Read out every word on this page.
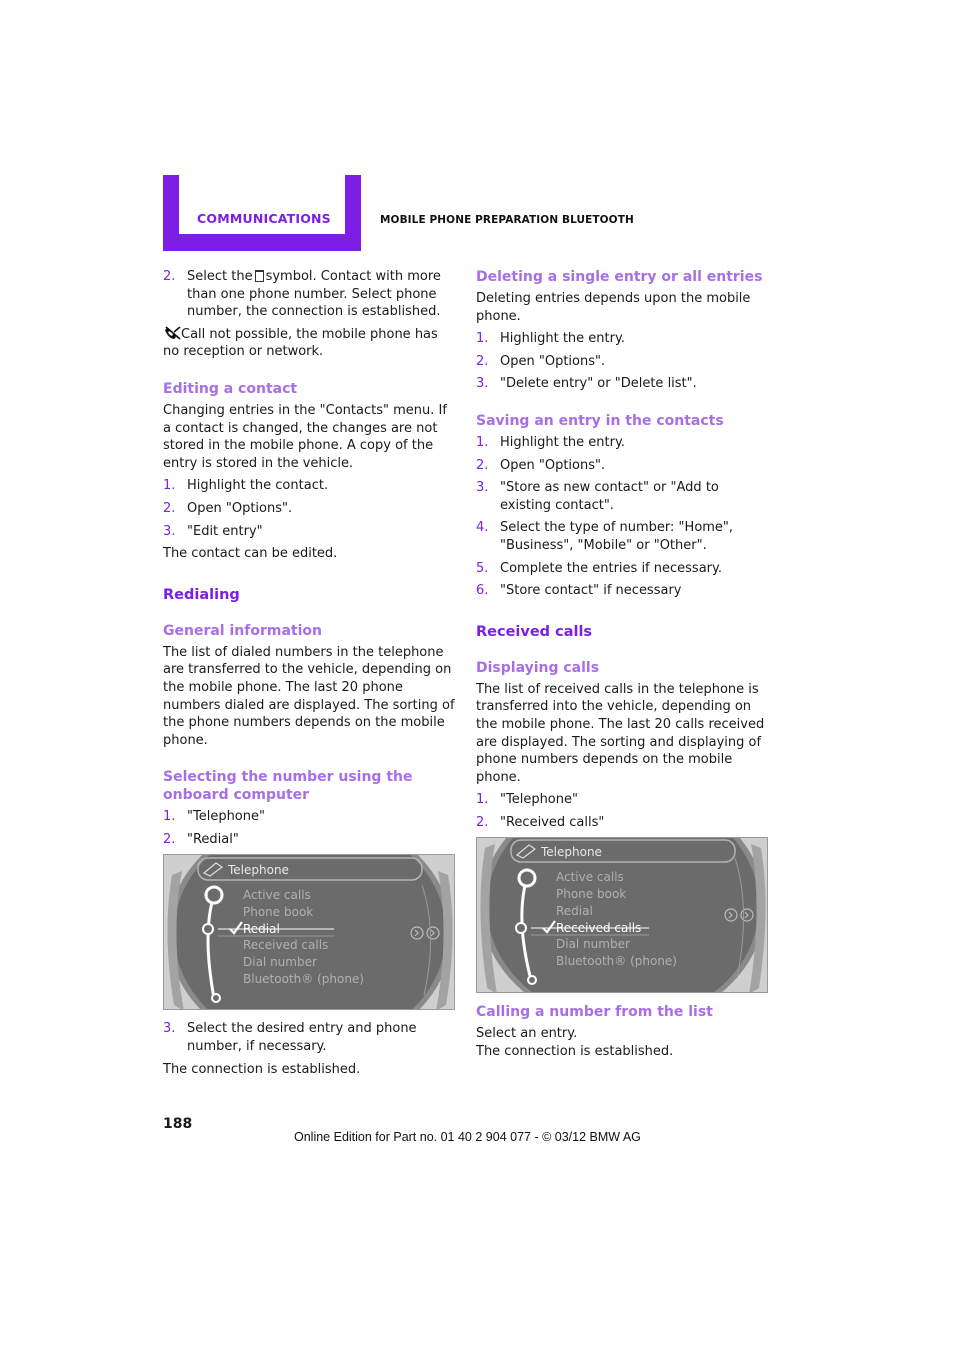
COMMUNICATIONS	MOBILE PHONE PREPARATION BLUETOOTH
2. Select the symbol. Contact with more than one phone number. Select phone number, the connection is established.

Call not possible, the mobile phone has no reception or network.

Editing a contact

Changing entries in the "Contacts" menu. If a contact is changed, the changes are not stored in the mobile phone. A copy of the entry is stored in the vehicle.

1. Highlight the contact.
2. Open "Options".
3. "Edit entry"

The contact can be edited.

Redialing
General information

The list of dialed numbers in the telephone are transferred to the vehicle, depending on the mobile phone. The last 20 phone numbers dialed are displayed. The sorting of the phone numbers depends on the mobile phone.

Selecting the number using the onboard computer
1. "Telephone"
2. "Redial"
Telephone
Active calls
Phone book
Redial
Received calls
Dial number
Bluetooth® (phone)
3. Select the desired entry and phone number, if necessary.

The connection is established.

Deleting a single entry or all entries

Deleting entries depends upon the mobile phone.

1. Highlight the entry.
2. Open "Options".
3. "Delete entry" or "Delete list".
Saving an entry in the contacts
1. Highlight the entry.
2. Open "Options".
3. "Store as new contact" or "Add to existing contact".
4. Select the type of number: "Home", "Business", "Mobile" or "Other".
5. Complete the entries if necessary.
6. "Store contact" if necessary
Received calls
Displaying calls

The list of received calls in the telephone is transferred into the vehicle, depending on the mobile phone. The last 20 calls received are displayed. The sorting and displaying of phone numbers depends on the mobile phone.

1. "Telephone"
2. "Received calls"
Telephone
Active calls
Phone book
Redial
Received calls
Dial number
Bluetooth® (phone)
Calling a number from the list

Select an entry.

The connection is established.

188
Online Edition for Part no. 01 40 2 904 077 - © 03/12 BMW AG
